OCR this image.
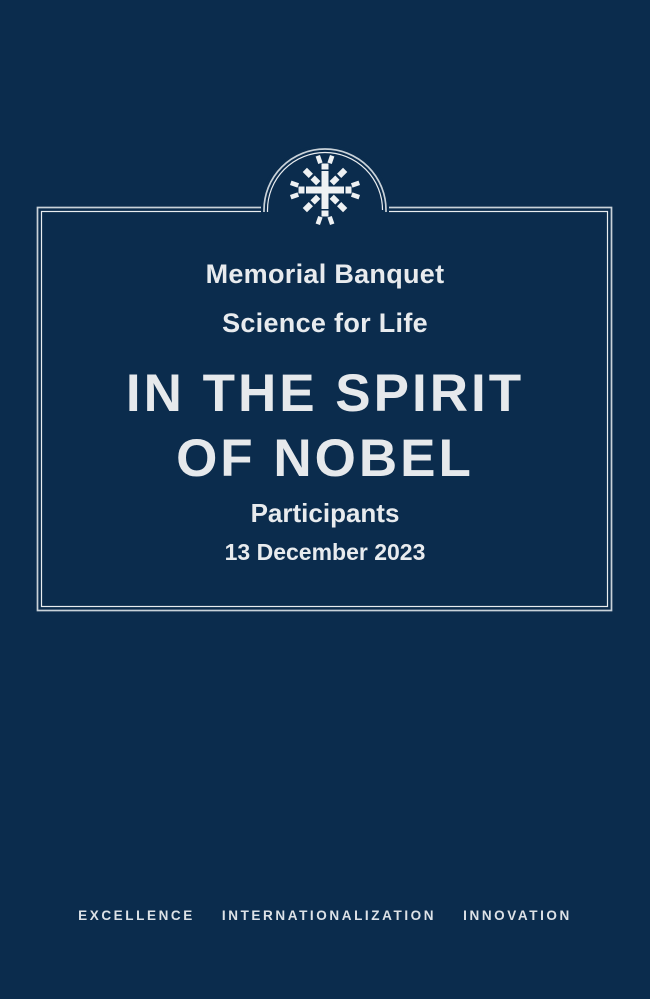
Memorial Banquet
Science for Life
IN THE SPIRIT
OF NOBEL
Participants
13 December 2023
EXCELLENCE INTERNATIONALIZATION INNOVATION
